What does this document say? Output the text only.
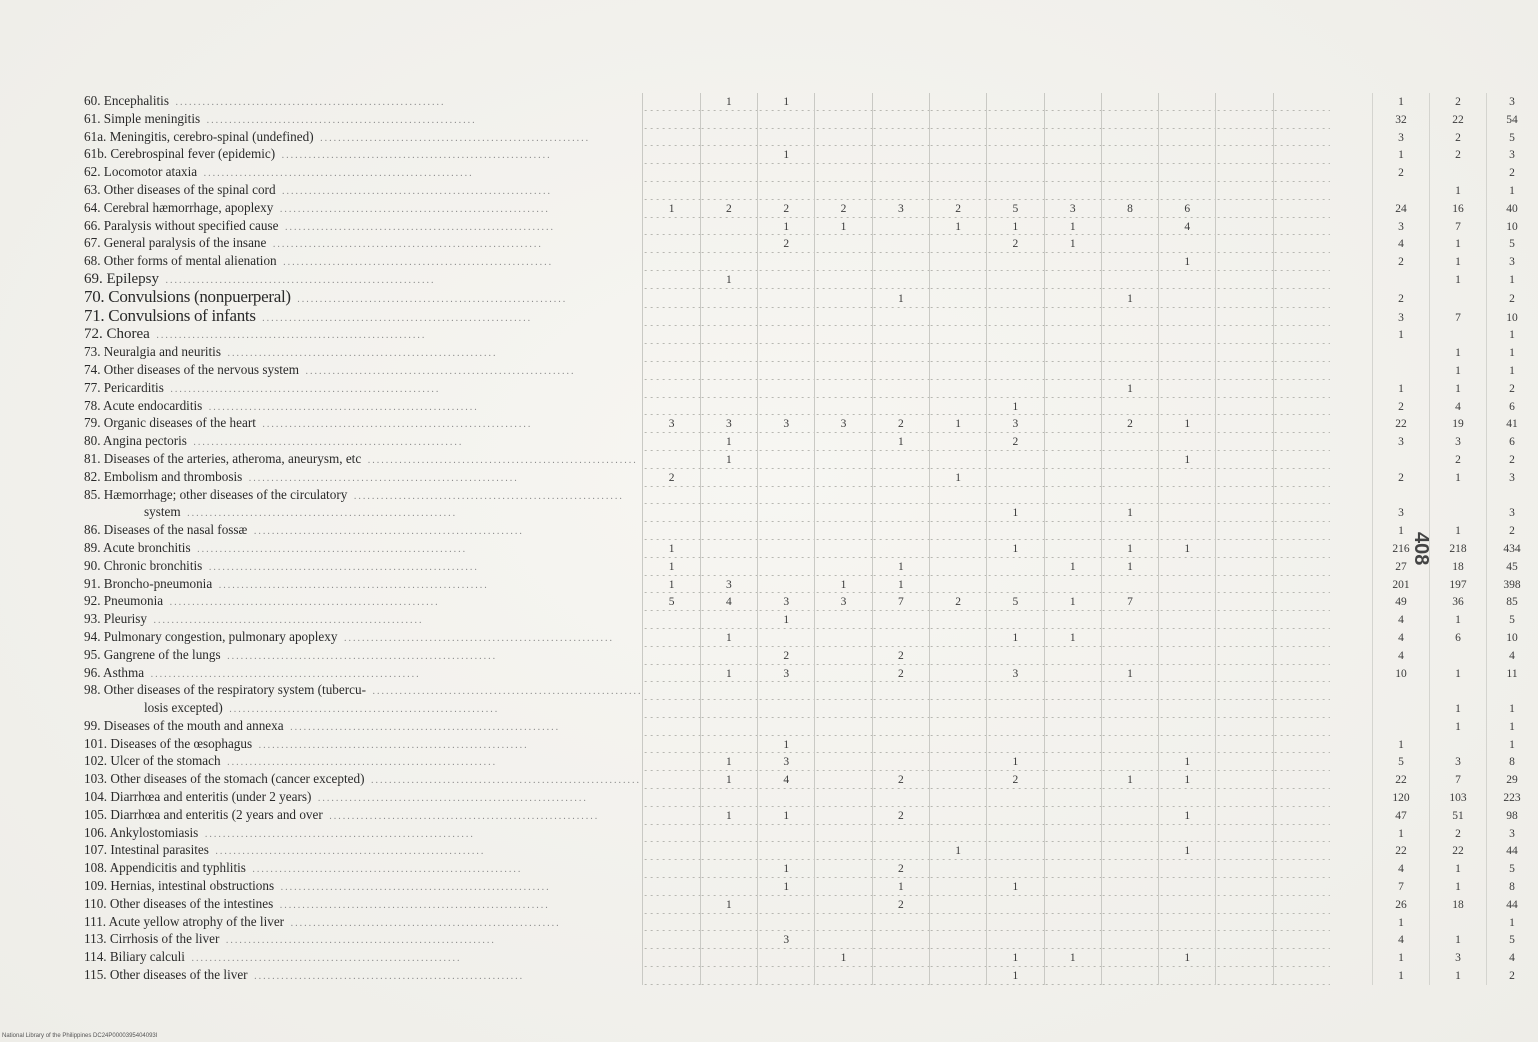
60. Encephalitis ............................................................		1	1											1	2	3
61. Simple meningitis ............................................................														32	22	54
61a. Meningitis, cerebro-spinal (undefined) ............................................................														3	2	5
61b. Cerebrospinal fever (epidemic) ............................................................			1											1	2	3
62. Locomotor ataxia ............................................................														2		2
63. Other diseases of the spinal cord ............................................................															1	1
64. Cerebral hæmorrhage, apoplexy ............................................................	1	2	2	2	3	2	5	3	8	6				24	16	40
66. Paralysis without specified cause ............................................................			1	1		1	1	1		4				3	7	10
67. General paralysis of the insane ............................................................			2				2	1						4	1	5
68. Other forms of mental alienation ............................................................										1				2	1	3
69. Epilepsy ............................................................		1													1	1
70. Convulsions (nonpuerperal) ............................................................					1				1					2		2
71. Convulsions of infants ............................................................														3	7	10
72. Chorea ............................................................														1		1
73. Neuralgia and neuritis ............................................................															1	1
74. Other diseases of the nervous system ............................................................															1	1
77. Pericarditis ............................................................									1					1	1	2
78. Acute endocarditis ............................................................							1							2	4	6
79. Organic diseases of the heart ............................................................	3	3	3	3	2	1	3		2	1				22	19	41
80. Angina pectoris ............................................................		1			1		2							3	3	6
81. Diseases of the arteries, atheroma, aneurysm, etc ............................................................		1								1					2	2
82. Embolism and thrombosis ............................................................	2					1								2	1	3
85. Hæmorrhage; other diseases of the circulatory ............................................................																
system ............................................................							1		1					3		3
86. Diseases of the nasal fossæ ............................................................														1	1	2
89. Acute bronchitis ............................................................	1						1		1	1				216	218	434
90. Chronic bronchitis ............................................................	1				1			1	1					27	18	45
91. Broncho-pneumonia ............................................................	1	3		1	1									201	197	398
92. Pneumonia ............................................................	5	4	3	3	7	2	5	1	7					49	36	85
93. Pleurisy ............................................................			1											4	1	5
94. Pulmonary congestion, pulmonary apoplexy ............................................................		1					1	1						4	6	10
95. Gangrene of the lungs ............................................................			2		2									4		4
96. Asthma ............................................................		1	3		2		3		1					10	1	11
98. Other diseases of the respiratory system (tubercu- ............................................................																
losis excepted) ............................................................															1	1
99. Diseases of the mouth and annexa ............................................................															1	1
101. Diseases of the œsophagus ............................................................			1											1		1
102. Ulcer of the stomach ............................................................		1	3				1			1				5	3	8
103. Other diseases of the stomach (cancer excepted) ............................................................		1	4		2		2		1	1				22	7	29
104. Diarrhœa and enteritis (under 2 years) ............................................................														120	103	223
105. Diarrhœa and enteritis (2 years and over ............................................................		1	1		2					1				47	51	98
106. Ankylostomiasis ............................................................														1	2	3
107. Intestinal parasites ............................................................						1				1				22	22	44
108. Appendicitis and typhlitis ............................................................			1		2									4	1	5
109. Hernias, intestinal obstructions ............................................................			1		1		1							7	1	8
110. Other diseases of the intestines ............................................................		1			2									26	18	44
111. Acute yellow atrophy of the liver ............................................................														1		1
113. Cirrhosis of the liver ............................................................			3											4	1	5
114. Biliary calculi ............................................................				1			1	1		1				1	3	4
115. Other diseases of the liver ............................................................							1							1	1	2
408
National Library of the Philippines DC24P0000395404093I
